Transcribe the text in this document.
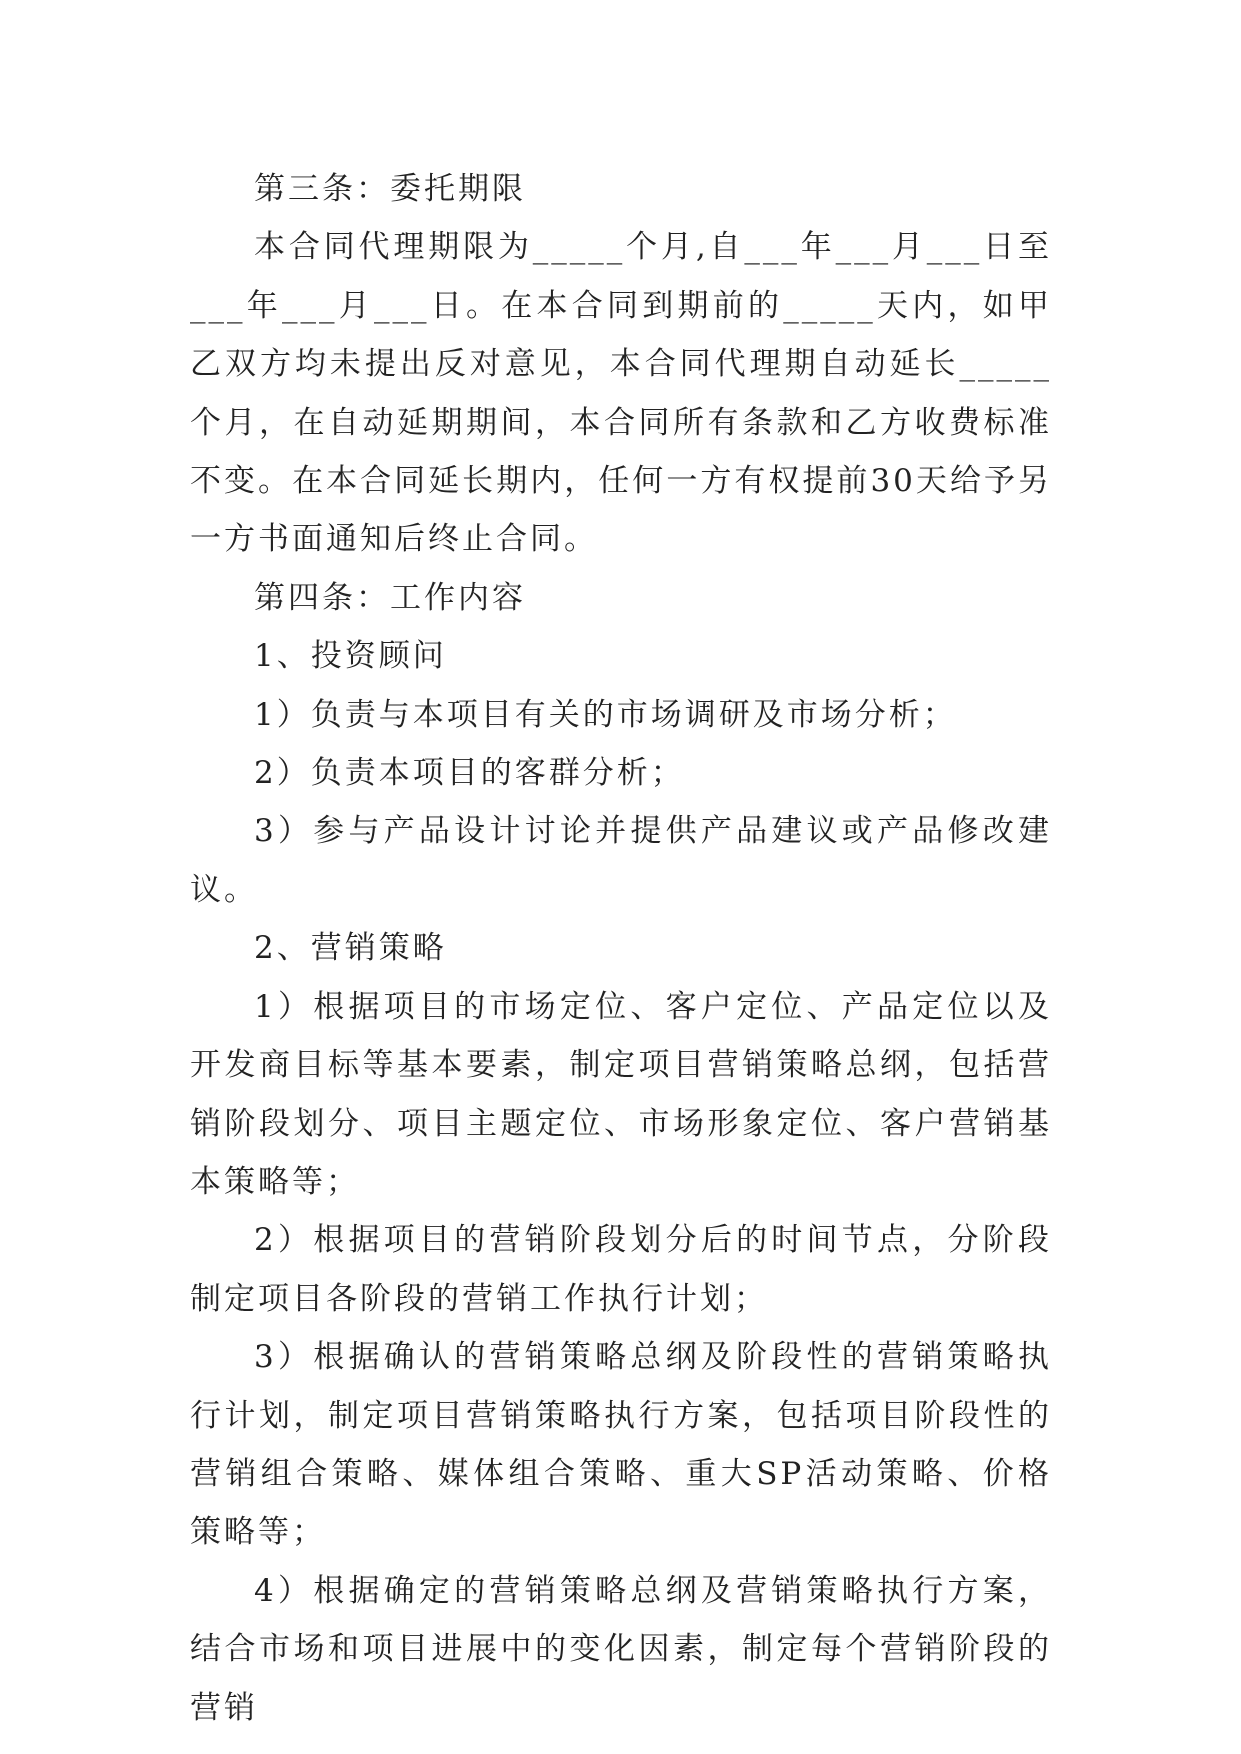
第三条：委托期限

本合同代理期限为_____个月,自___年___月___日至___年___月___日。在本合同到期前的_____天内，如甲乙双方均未提出反对意见，本合同代理期自动延长_____个月，在自动延期期间，本合同所有条款和乙方收费标准不变。在本合同延长期内，任何一方有权提前30天给予另一方书面通知后终止合同。

第四条：工作内容

1、投资顾问

1）负责与本项目有关的市场调研及市场分析；

2）负责本项目的客群分析；

3）参与产品设计讨论并提供产品建议或产品修改建议。

2、营销策略

1）根据项目的市场定位、客户定位、产品定位以及开发商目标等基本要素，制定项目营销策略总纲，包括营销阶段划分、项目主题定位、市场形象定位、客户营销基本策略等；

2）根据项目的营销阶段划分后的时间节点，分阶段制定项目各阶段的营销工作执行计划；

3）根据确认的营销策略总纲及阶段性的营销策略执行计划，制定项目营销策略执行方案，包括项目阶段性的营销组合策略、媒体组合策略、重大SP活动策略、价格策略等；

4）根据确定的营销策略总纲及营销策略执行方案，结合市场和项目进展中的变化因素，制定每个营销阶段的营销
